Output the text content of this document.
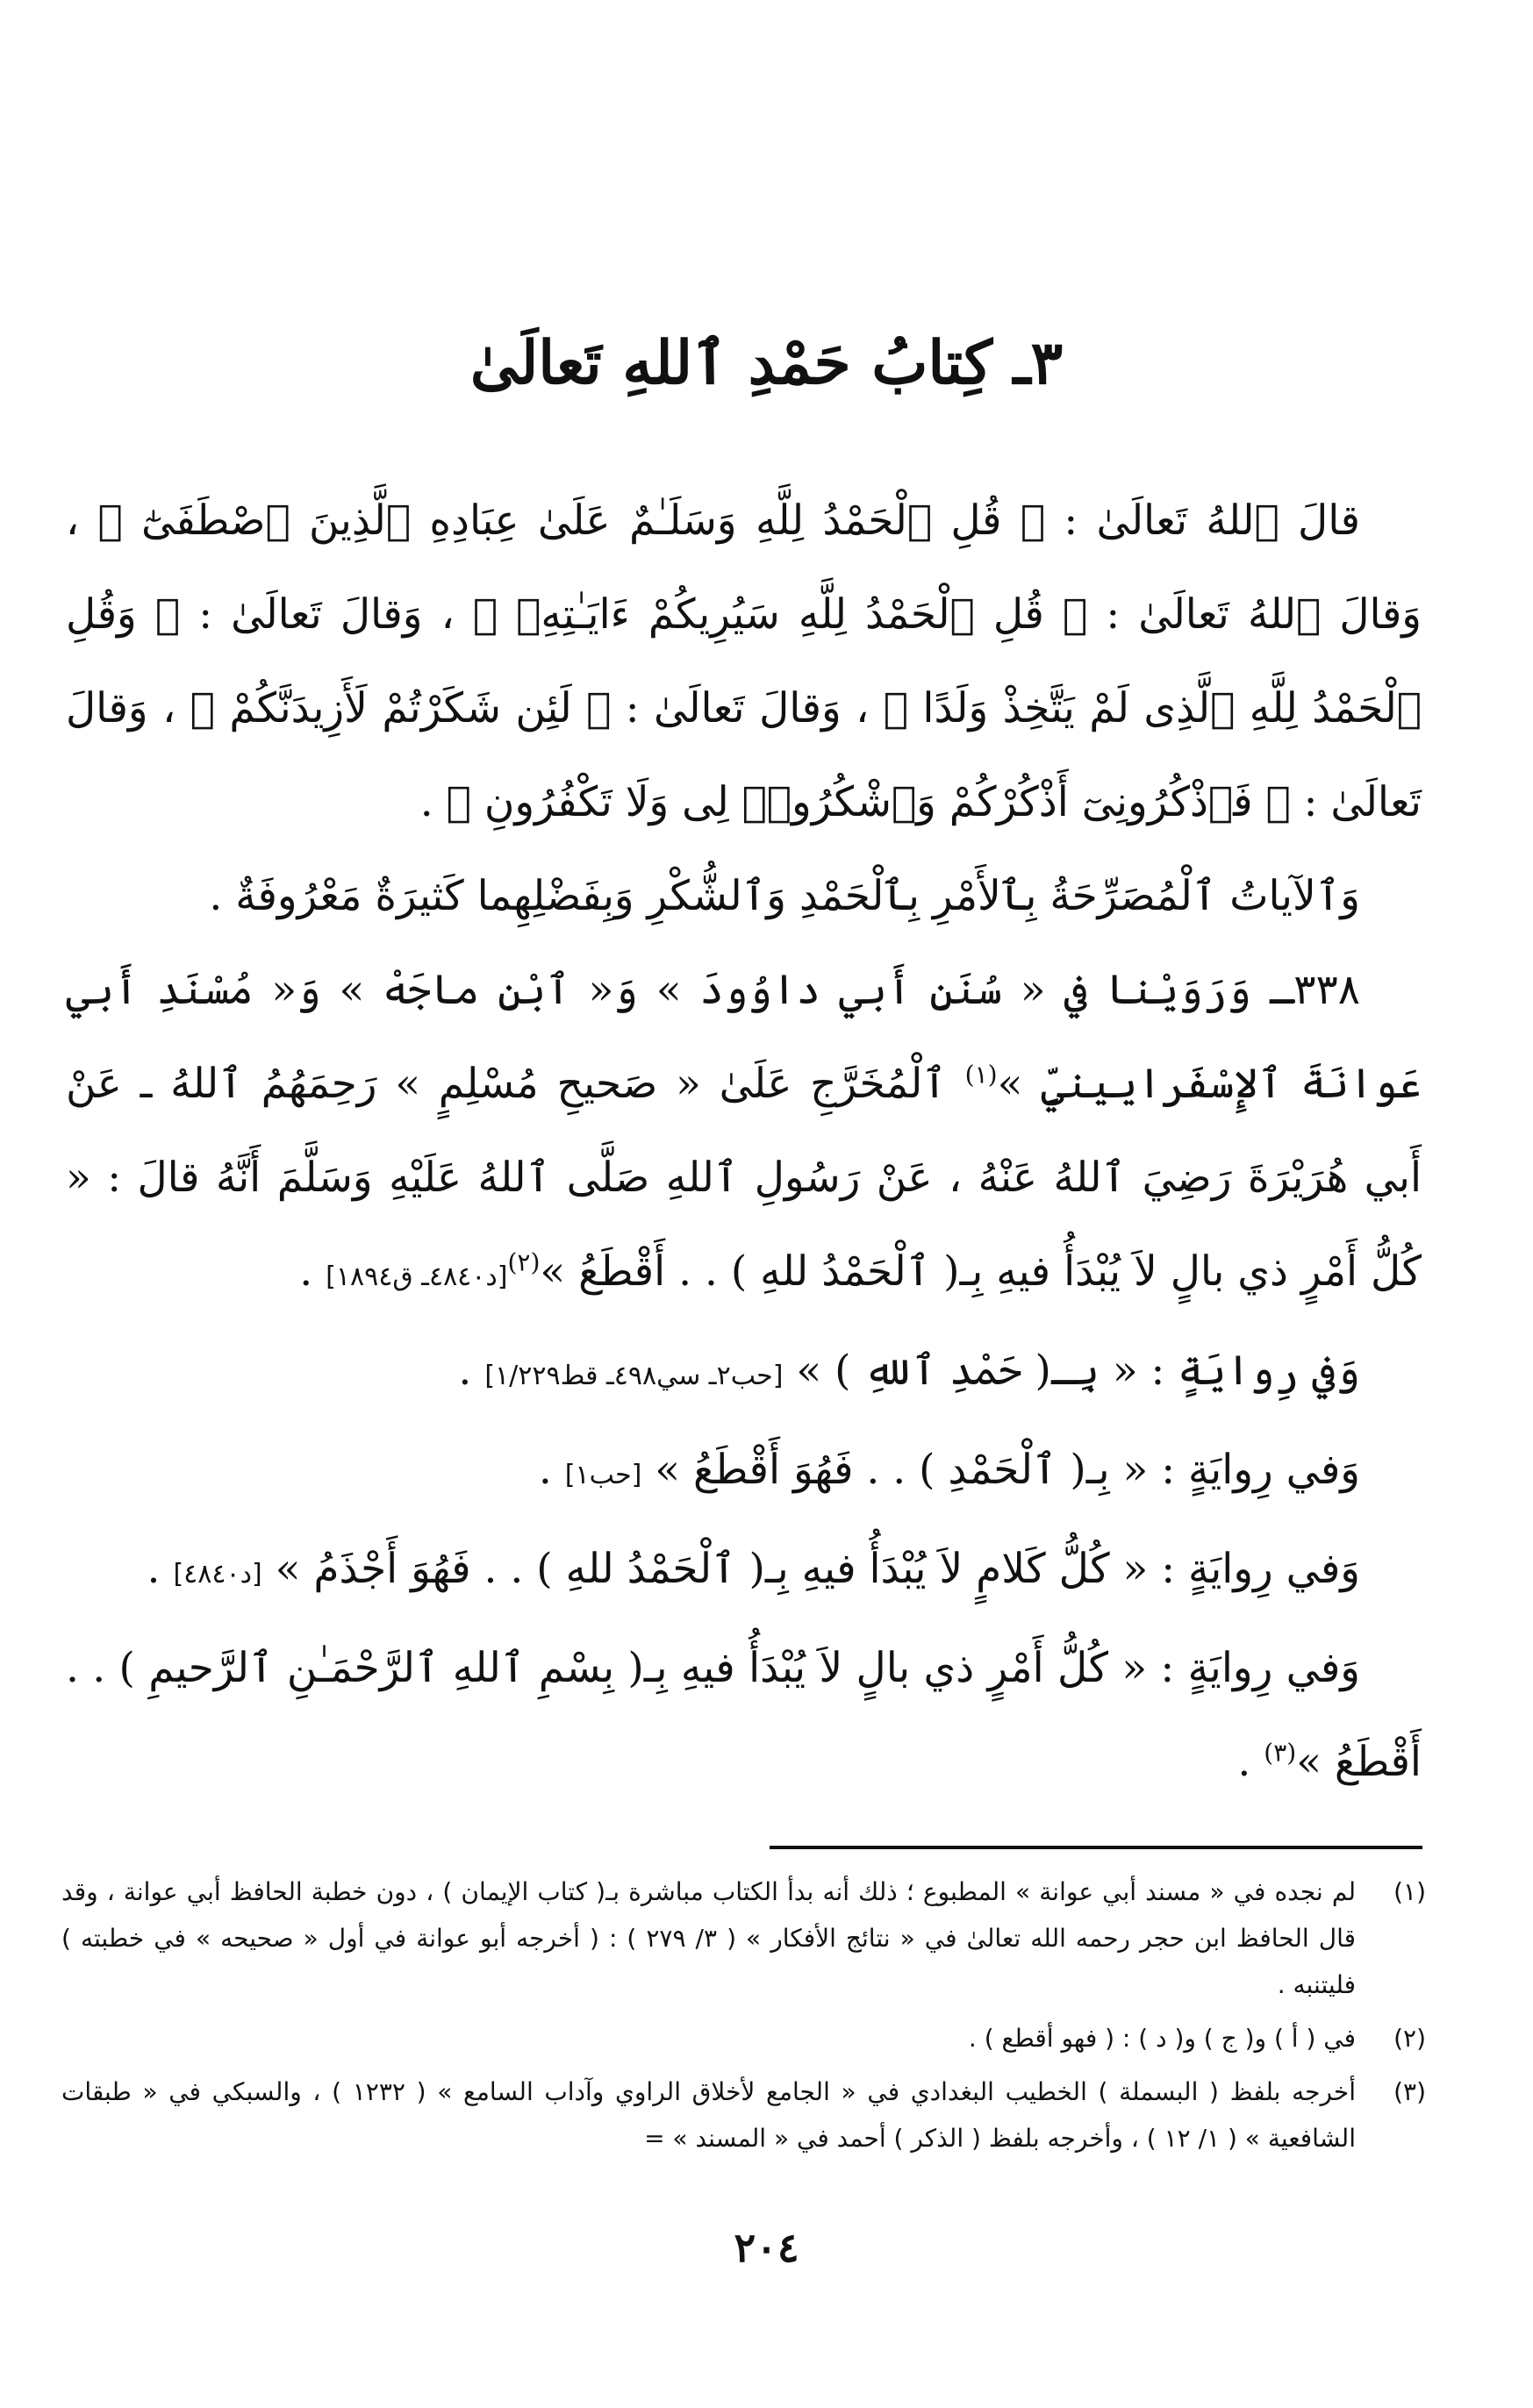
٣ـ كِتابُ حَمْدِ ٱللهِ تَعالَىٰ

قالَ ٱللهُ تَعالَىٰ : ﴿ قُلِ ٱلْحَمْدُ لِلَّهِ وَسَلَـٰمٌ عَلَىٰ عِبَادِهِ ٱلَّذِينَ ٱصْطَفَىٰٓ ﴾ ، وَقالَ ٱللهُ تَعالَىٰ : ﴿ قُلِ ٱلْحَمْدُ لِلَّهِ سَيُرِيكُمْ ءَايَـٰتِهِۦ ﴾ ، وَقالَ تَعالَىٰ : ﴿ وَقُلِ ٱلْحَمْدُ لِلَّهِ ٱلَّذِى لَمْ يَتَّخِذْ وَلَدًا ﴾ ، وَقالَ تَعالَىٰ : ﴿ لَئِن شَكَرْتُمْ لَأَزِيدَنَّكُمْ ﴾ ، وَقالَ تَعالَىٰ : ﴿ فَٱذْكُرُونِىٓ أَذْكُرْكُمْ وَٱشْكُرُوا۟ لِى وَلَا تَكْفُرُونِ ﴾ .

وَٱلآياتُ ٱلْمُصَرِّحَةُ بِٱلأَمْرِ بِٱلْحَمْدِ وَٱلشُّكْرِ وَبِفَضْلِهِما كَثيرَةٌ مَعْرُوفَةٌ .

٣٣٨ـ وَرَوَيْنا في « سُنَنِ أَبي داوُودَ » وَ« ٱبْنِ ماجَهْ » وَ« مُسْنَدِ أَبي عَوانَةَ ٱلإِسْفَرايينيِّ »$^{(١)}$ ٱلْمُخَرَّجِ عَلَىٰ « صَحيحِ مُسْلِمٍ » رَحِمَهُمُ ٱللهُ ـ عَنْ أَبي هُرَيْرَةَ رَضِيَ ٱللهُ عَنْهُ ، عَنْ رَسُولِ ٱللهِ صَلَّى ٱللهُ عَلَيْهِ وَسَلَّمَ أَنَّهُ قالَ : « كُلُّ أَمْرٍ ذي بالٍ لاَ يُبْدَأُ فيهِ بِـ( ٱلْحَمْدُ للهِ ) . . أَقْطَعُ »$^{(٢)}$[د٤٨٤٠ـ ق١٨٩٤] .

وَفي رِوايَةٍ : « بِـ( حَمْدِ ٱللهِ ) » [حب٢ـ سي٤٩٨ـ قط١/٢٢٩] .

وَفي رِوايَةٍ : « بِـ( ٱلْحَمْدِ ) . . فَهُوَ أَقْطَعُ » [حب١] .

وَفي رِوايَةٍ : « كُلُّ كَلامٍ لاَ يُبْدَأُ فيهِ بِـ( ٱلْحَمْدُ للهِ ) . . فَهُوَ أَجْذَمُ » [د٤٨٤٠] .

وَفي رِوايَةٍ : « كُلُّ أَمْرٍ ذي بالٍ لاَ يُبْدَأُ فيهِ بِـ( بِسْمِ ٱللهِ ٱلرَّحْمَـٰنِ ٱلرَّحيمِ ) . . أَقْطَعُ »$^{(٣)}$ .

(١)
لم نجده في « مسند أبي عوانة » المطبوع ؛ ذلك أنه بدأ الكتاب مباشرة بـ( كتاب الإيمان ) ، دون خطبة الحافظ أبي عوانة ، وقد قال الحافظ ابن حجر رحمه الله تعالىٰ في « نتائج الأفكار » ( ٣/ ٢٧٩ ) : ( أخرجه أبو عوانة في أول « صحيحه » في خطبته ) فليتنبه .
(٢)
في ( أ ) و( ج ) و( د ) : ( فهو أقطع ) .
(٣)
أخرجه بلفظ ( البسملة ) الخطيب البغدادي في « الجامع لأخلاق الراوي وآداب السامع » ( ١٢٣٢ ) ، والسبكي في « طبقات الشافعية » ( ١/ ١٢ ) ، وأخرجه بلفظ ( الذكر ) أحمد في « المسند » =
٢٠٤
